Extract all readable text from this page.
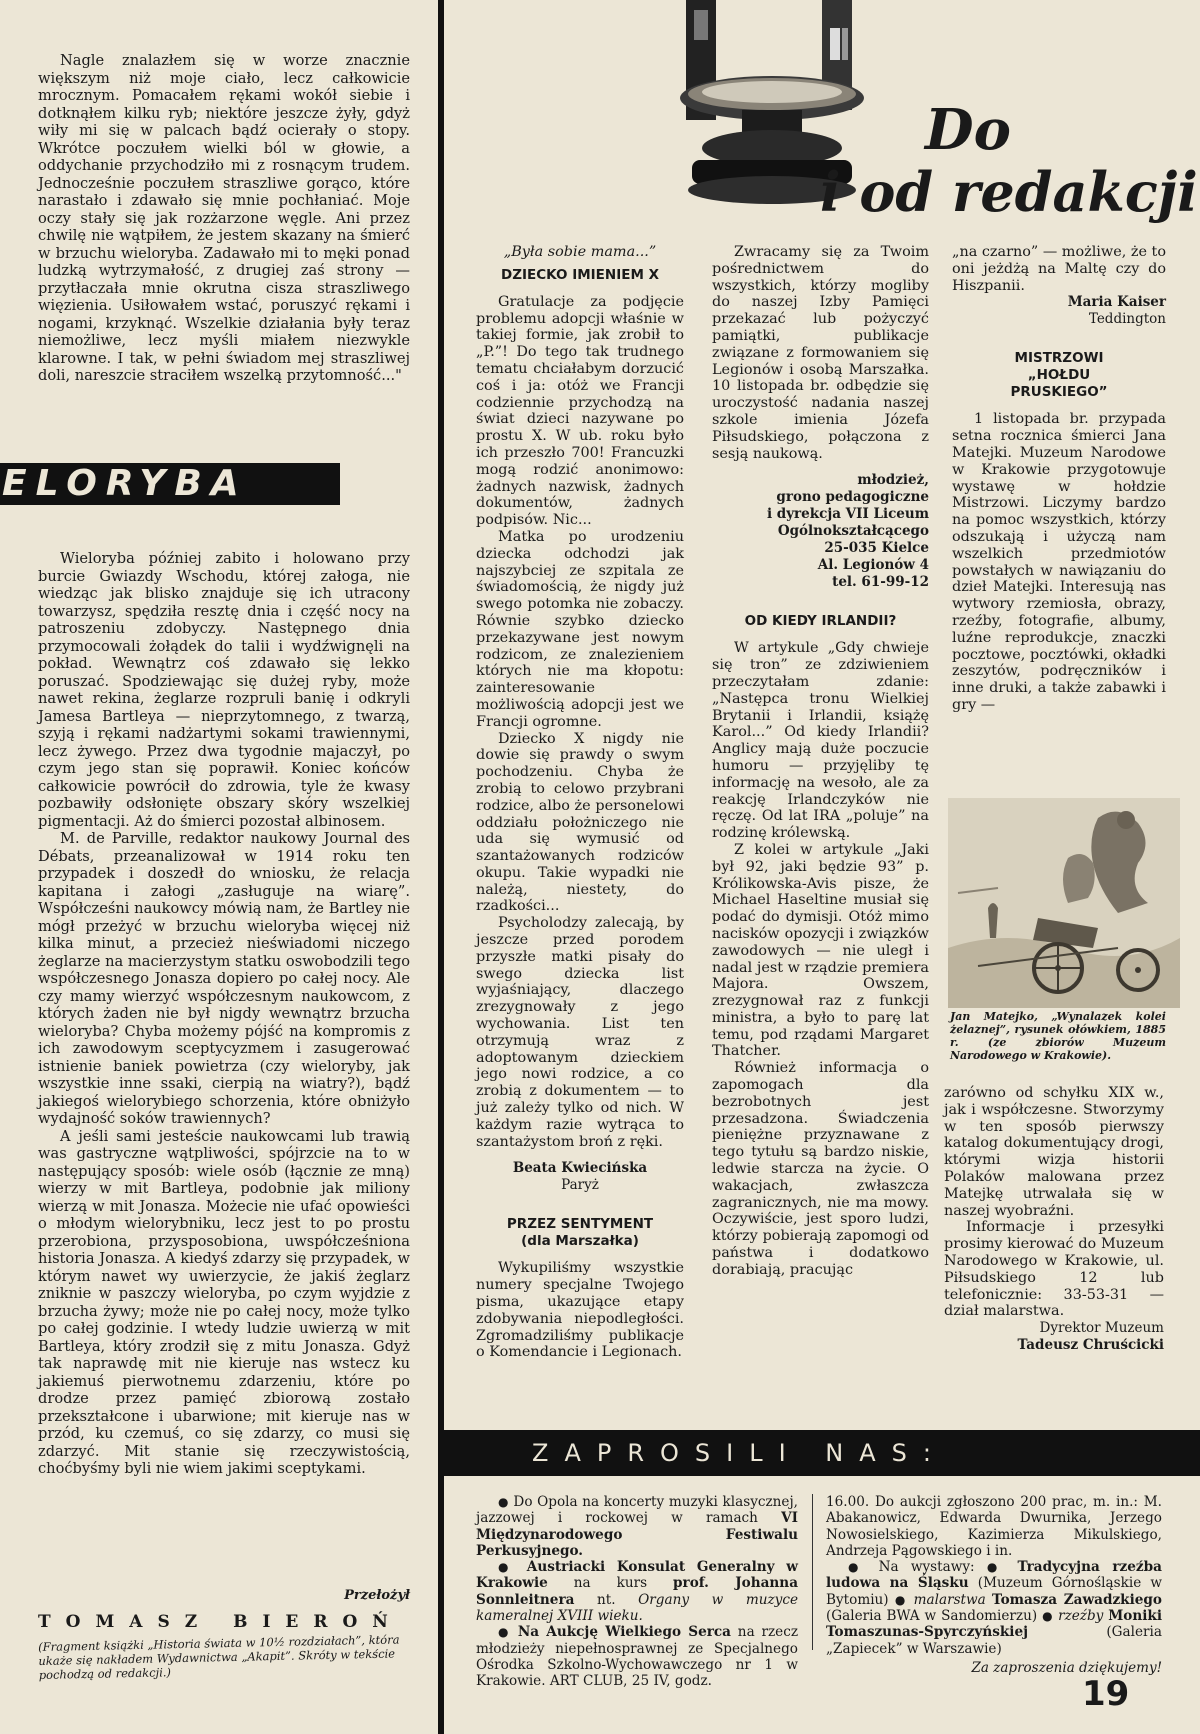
Nagle znalazłem się w worze znacznie większym niż moje ciało, lecz całkowicie mrocznym. Pomacałem rękami wokół siebie i dotknąłem kilku ryb; niektóre jeszcze żyły, gdyż wiły mi się w palcach bądź ocierały o stopy. Wkrótce poczułem wielki ból w głowie, a oddychanie przychodziło mi z rosnącym trudem. Jednocześnie poczułem straszliwe gorąco, które narastało i zdawało się mnie pochłaniać. Moje oczy stały się jak rozżarzone węgle. Ani przez chwilę nie wątpiłem, że jestem skazany na śmierć w brzuchu wieloryba. Zadawało mi to męki ponad ludzką wytrzymałość, z drugiej zaś strony — przytłaczała mnie okrutna cisza straszliwego więzienia. Usiłowałem wstać, poruszyć rękami i nogami, krzyknąć. Wszelkie działania były teraz niemożliwe, lecz myśli miałem niezwykle klarowne. I tak, w pełni świadom mej straszliwej doli, nareszcie straciłem wszelką przytomność..."

ELORYBA

Wieloryba później zabito i holowano przy burcie Gwiazdy Wschodu, której załoga, nie wiedząc jak blisko znajduje się ich utracony towarzysz, spędziła resztę dnia i część nocy na patroszeniu zdobyczy. Następnego dnia przymocowali żołądek do talii i wydźwignęli na pokład. Wewnątrz coś zdawało się lekko poruszać. Spodziewając się dużej ryby, może nawet rekina, żeglarze rozpruli banię i odkryli Jamesa Bartleya — nieprzytomnego, z twarzą, szyją i rękami nadżartymi sokami trawiennymi, lecz żywego. Przez dwa tygodnie majaczył, po czym jego stan się poprawił. Koniec końców całkowicie powrócił do zdrowia, tyle że kwasy pozbawiły odsłonięte obszary skóry wszelkiej pigmentacji. Aż do śmierci pozostał albinosem.

M. de Parville, redaktor naukowy Journal des Débats, przeanalizował w 1914 roku ten przypadek i doszedł do wniosku, że relacja kapitana i załogi „zasługuje na wiarę”. Współcześni naukowcy mówią nam, że Bartley nie mógł przeżyć w brzuchu wieloryba więcej niż kilka minut, a przecież nieświadomi niczego żeglarze na macierzystym statku oswobodzili tego współczesnego Jonasza dopiero po całej nocy. Ale czy mamy wierzyć współczesnym naukowcom, z których żaden nie był nigdy wewnątrz brzucha wieloryba? Chyba możemy pójść na kompromis z ich zawodowym sceptycyzmem i zasugerować istnienie baniek powietrza (czy wieloryby, jak wszystkie inne ssaki, cierpią na wiatry?), bądź jakiegoś wielorybiego schorzenia, które obniżyło wydajność soków trawiennych?

A jeśli sami jesteście naukowcami lub trawią was gastryczne wątpliwości, spójrzcie na to w następujący sposób: wiele osób (łącznie ze mną) wierzy w mit Bartleya, podobnie jak miliony wierzą w mit Jonasza. Możecie nie ufać opowieści o młodym wielorybniku, lecz jest to po prostu przerobiona, przysposobiona, uwspółcześniona historia Jonasza. A kiedyś zdarzy się przypadek, w którym nawet wy uwierzycie, że jakiś żeglarz zniknie w paszczy wieloryba, po czym wyjdzie z brzucha żywy; może nie po całej nocy, może tylko po całej godzinie. I wtedy ludzie uwierzą w mit Bartleya, który zrodził się z mitu Jonasza. Gdyż tak naprawdę mit nie kieruje nas wstecz ku jakiemuś pierwotnemu zdarzeniu, które po drodze przez pamięć zbiorową zostało przekształcone i ubarwione; mit kieruje nas w przód, ku czemuś, co się zdarzy, co musi się zdarzyć. Mit stanie się rzeczywistością, choćbyśmy byli nie wiem jakimi sceptykami.

Przełożył
TOMASZ BIEROŃ
(Fragment książki „Historia świata w 10½ rozdziałach”, która ukaże się nakładem Wydawnictwa „Akapit”. Skróty w tekście pochodzą od redakcji.)
Do
i od redakcji
„Była sobie mama...”
DZIECKO IMIENIEM X

Gratulacje za podjęcie problemu adopcji właśnie w takiej formie, jak zrobił to „P.”! Do tego tak trudnego tematu chciałabym dorzucić coś i ja: otóż we Francji codziennie przychodzą na świat dzieci nazywane po prostu X. W ub. roku było ich przeszło 700! Francuzki mogą rodzić anonimowo: żadnych nazwisk, żadnych dokumentów, żadnych podpisów. Nic...

Matka po urodzeniu dziecka odchodzi jak najszybciej ze szpitala ze świadomością, że nigdy już swego potomka nie zobaczy. Równie szybko dziecko przekazywane jest nowym rodzicom, ze znalezieniem których nie ma kłopotu: zainteresowanie możliwością adopcji jest we Francji ogromne.

Dziecko X nigdy nie dowie się prawdy o swym pochodzeniu. Chyba że zrobią to celowo przybrani rodzice, albo że personelowi oddziału położniczego nie uda się wymusić od szantażowanych rodziców okupu. Takie wypadki nie należą, niestety, do rzadkości...

Psycholodzy zalecają, by jeszcze przed porodem przyszłe matki pisały do swego dziecka list wyjaśniający, dlaczego zrezygnowały z jego wychowania. List ten otrzymują wraz z adoptowanym dzieckiem jego nowi rodzice, a co zrobią z dokumentem — to już zależy tylko od nich. W każdym razie wytrąca to szantażystom broń z ręki.

Beata Kwiecińska
Paryż
PRZEZ SENTYMENT
(dla Marszałka)

Wykupiliśmy wszystkie numery specjalne Twojego pisma, ukazujące etapy zdobywania niepodległości. Zgromadziliśmy publikacje o Komendancie i Legionach.

Zwracamy się za Twoim pośrednictwem do wszystkich, którzy mogliby do naszej Izby Pamięci przekazać lub pożyczyć pamiątki, publikacje związane z formowaniem się Legionów i osobą Marszałka. 10 listopada br. odbędzie się uroczystość nadania naszej szkole imienia Józefa Piłsudskiego, połączona z sesją naukową.

młodzież,
grono pedagogiczne
i dyrekcja VII Liceum
Ogólnokształcącego
25-035 Kielce
Al. Legionów 4
tel. 61-99-12
OD KIEDY IRLANDII?

W artykule „Gdy chwieje się tron” ze zdziwieniem przeczytałam zdanie: „Następca tronu Wielkiej Brytanii i Irlandii, książę Karol...” Od kiedy Irlandii? Anglicy mają duże poczucie humoru — przyjęliby tę informację na wesoło, ale za reakcję Irlandczyków nie ręczę. Od lat IRA „poluje” na rodzinę królewską.

Z kolei w artykule „Jaki był 92, jaki będzie 93” p. Królikowska-Avis pisze, że Michael Haseltine musiał się podać do dymisji. Otóż mimo nacisków opozycji i związków zawodowych — nie uległ i nadal jest w rządzie premiera Majora. Owszem, zrezygnował raz z funkcji ministra, a było to parę lat temu, pod rządami Margaret Thatcher.

Również informacja o zapomogach dla bezrobotnych jest przesadzona. Świadczenia pieniężne przyznawane z tego tytułu są bardzo niskie, ledwie starcza na życie. O wakacjach, zwłaszcza zagranicznych, nie ma mowy. Oczywiście, jest sporo ludzi, którzy pobierają zapomogi od państwa i dodatkowo dorabiają, pracując

„na czarno” — możliwe, że to oni jeżdżą na Maltę czy do Hiszpanii.

Maria Kaiser
Teddington
MISTRZOWI
„HOŁDU
PRUSKIEGO”

1 listopada br. przypada setna rocznica śmierci Jana Matejki. Muzeum Narodowe w Krakowie przygotowuje wystawę w hołdzie Mistrzowi. Liczymy bardzo na pomoc wszystkich, którzy odszukają i użyczą nam wszelkich przedmiotów powstałych w nawiązaniu do dzieł Matejki. Interesują nas wytwory rzemiosła, obrazy, rzeźby, fotografie, albumy, luźne reprodukcje, znaczki pocztowe, pocztówki, okładki zeszytów, podręczników i inne druki, a także zabawki i gry —

Jan Matejko, „Wynalazek kolei żelaznej”, rysunek ołówkiem, 1885 r. (ze zbiorów Muzeum Narodowego w Krakowie).

zarówno od schyłku XIX w., jak i współczesne. Stworzymy w ten sposób pierwszy katalog dokumentujący drogi, którymi wizja historii Polaków malowana przez Matejkę utrwalała się w naszej wyobraźni.

Informacje i przesyłki prosimy kierować do Muzeum Narodowego w Krakowie, ul. Piłsudskiego 12 lub telefonicznie: 33-53-31 — dział malarstwa.

Dyrektor Muzeum
Tadeusz Chruścicki
ZAPROSILI NAS:

● Do Opola na koncerty muzyki klasycznej, jazzowej i rockowej w ramach VI Międzynarodowego Festiwalu Perkusyjnego.

● Austriacki Konsulat Generalny w Krakowie na kurs prof. Johanna Sonnleitnera nt. Organy w muzyce kameralnej XVIII wieku.

● Na Aukcję Wielkiego Serca na rzecz młodzieży niepełnosprawnej ze Specjalnego Ośrodka Szkolno-Wychowawczego nr 1 w Krakowie. ART CLUB, 25 IV, godz.

16.00. Do aukcji zgłoszono 200 prac, m. in.: M. Abakanowicz, Edwarda Dwurnika, Jerzego Nowosielskiego, Kazimierza Mikulskiego, Andrzeja Pągowskiego i in.

● Na wystawy: ● Tradycyjna rzeźba ludowa na Śląsku (Muzeum Górnośląskie w Bytomiu) ● malarstwa Tomasza Zawadzkiego (Galeria BWA w Sandomierzu) ● rzeźby Moniki Tomaszunas-Spyrczyńskiej (Galeria „Zapiecek” w Warszawie)

Za zaproszenia dziękujemy!
19
